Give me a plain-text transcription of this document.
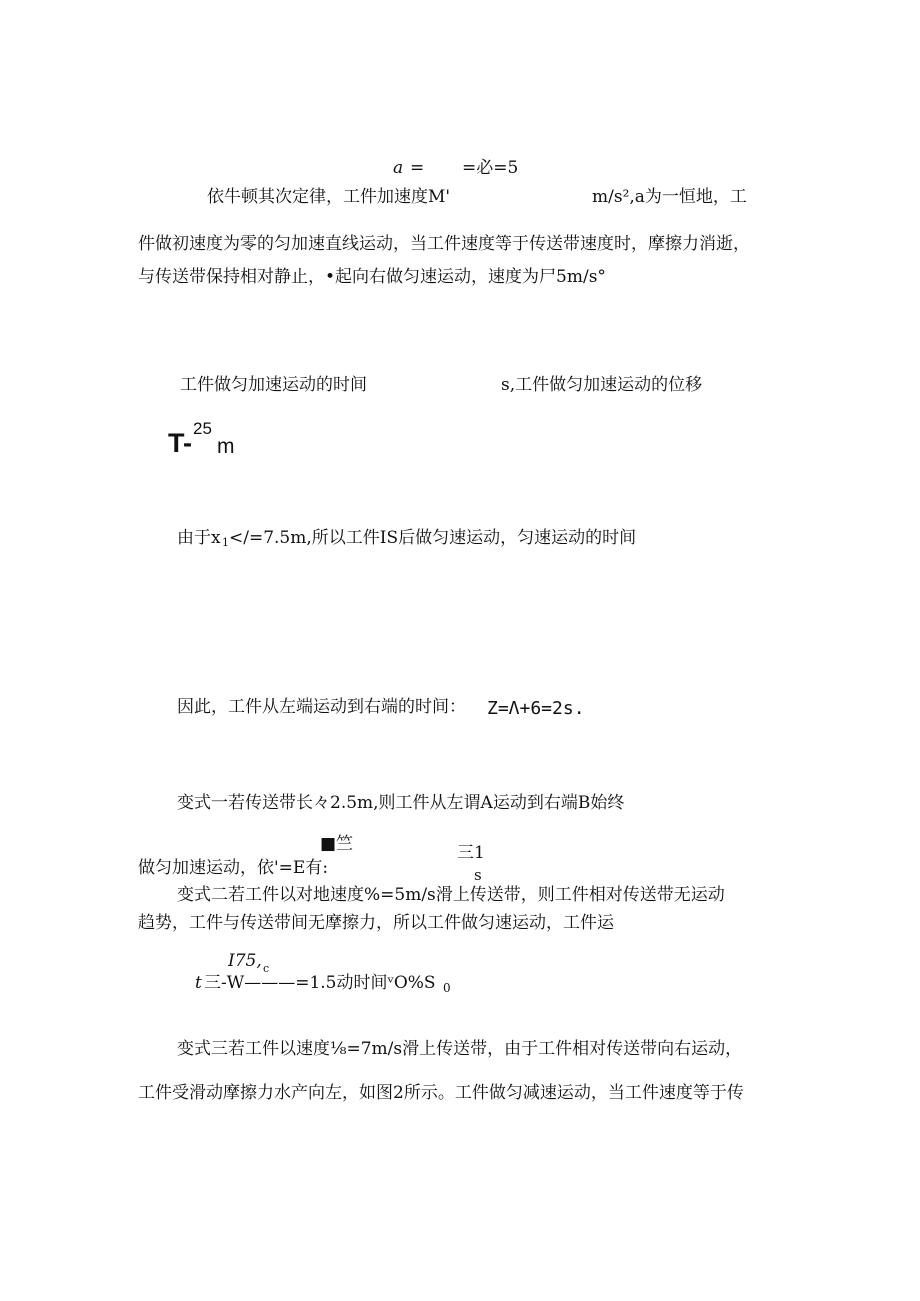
a = =必=5
依牛顿其次定律，工件加速度M'	m/s²,a为一恒地，工
件做初速度为零的匀加速直线运动，当工件速度等于传送带速度时，摩擦力消逝，
与传送带保持相对静止，•起向右做匀速运动，速度为尸5m/s°
工件做匀加速运动的时间	s,工件做匀加速运动的位移
T- 25
m
由于x 1 </=7.5m,所以工件IS后做匀速运动，匀速运动的时间
因此，工件从左端运动到右端的时间： Z=Λ+6=2s.
变式一若传送带长々2.5m,则工件从左谓A运动到右端B始终
■竺	三1
s
做匀加速运动，依'=E有:
变式二若工件以对地速度%=5m/s滑上传送带，则工件相对传送带无运动
趋势，工件与传送带间无摩擦力，所以工件做匀速运动，工件运
I75, c
t 三-W———=1.5动时间ᵛO%S 0
变式三若工件以速度⅛=7m/s滑上传送带，由于工件相对传送带向右运动，
工件受滑动摩擦力水产向左，如图2所示。工件做匀减速运动，当工件速度等于传
